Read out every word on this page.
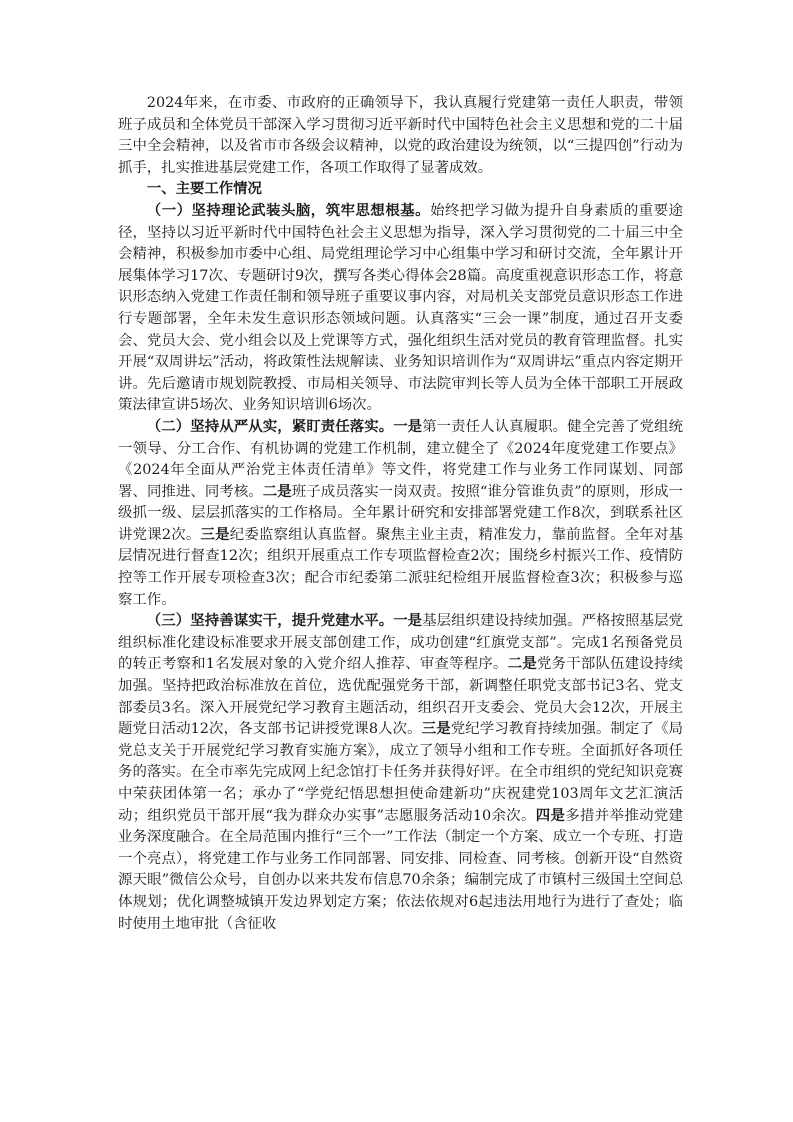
2024年来，在市委、市政府的正确领导下，我认真履行党建第一责任人职责，带领班子成员和全体党员干部深入学习贯彻习近平新时代中国特色社会主义思想和党的二十届三中全会精神，以及省市市各级会议精神，以党的政治建设为统领，以“三提四创”行动为抓手，扎实推进基层党建工作，各项工作取得了显著成效。

一、主要工作情况

（一）坚持理论武装头脑，筑牢思想根基。始终把学习做为提升自身素质的重要途径，坚持以习近平新时代中国特色社会主义思想为指导，深入学习贯彻党的二十届三中全会精神，积极参加市委中心组、局党组理论学习中心组集中学习和研讨交流，全年累计开展集体学习17次、专题研讨9次，撰写各类心得体会28篇。高度重视意识形态工作，将意识形态纳入党建工作责任制和领导班子重要议事内容，对局机关支部党员意识形态工作进行专题部署，全年未发生意识形态领域问题。认真落实“三会一课”制度，通过召开支委会、党员大会、党小组会以及上党课等方式，强化组织生活对党员的教育管理监督。扎实开展“双周讲坛”活动，将政策性法规解读、业务知识培训作为“双周讲坛”重点内容定期开讲。先后邀请市规划院教授、市局相关领导、市法院审判长等人员为全体干部职工开展政策法律宣讲5场次、业务知识培训6场次。

（二）坚持从严从实，紧盯责任落实。一是第一责任人认真履职。健全完善了党组统一领导、分工合作、有机协调的党建工作机制，建立健全了《2024年度党建工作要点》《2024年全面从严治党主体责任清单》等文件，将党建工作与业务工作同谋划、同部署、同推进、同考核。二是班子成员落实一岗双责。按照“谁分管谁负责”的原则，形成一级抓一级、层层抓落实的工作格局。全年累计研究和安排部署党建工作8次，到联系社区讲党课2次。三是纪委监察组认真监督。聚焦主业主责，精准发力，靠前监督。全年对基层情况进行督查12次；组织开展重点工作专项监督检查2次；围绕乡村振兴工作、疫情防控等工作开展专项检查3次；配合市纪委第二派驻纪检组开展监督检查3次；积极参与巡察工作。

（三）坚持善谋实干，提升党建水平。一是基层组织建设持续加强。严格按照基层党组织标准化建设标准要求开展支部创建工作，成功创建“红旗党支部”。完成1名预备党员的转正考察和1名发展对象的入党介绍人推荐、审查等程序。二是党务干部队伍建设持续加强。坚持把政治标准放在首位，选优配强党务干部，新调整任职党支部书记3名、党支部委员3名。深入开展党纪学习教育主题活动，组织召开支委会、党员大会12次，开展主题党日活动12次，各支部书记讲授党课8人次。三是党纪学习教育持续加强。制定了《局党总支关于开展党纪学习教育实施方案》，成立了领导小组和工作专班。全面抓好各项任务的落实。在全市率先完成网上纪念馆打卡任务并获得好评。在全市组织的党纪知识竞赛中荣获团体第一名；承办了“学党纪悟思想担使命建新功”庆祝建党103周年文艺汇演活动；组织党员干部开展“我为群众办实事”志愿服务活动10余次。四是多措并举推动党建业务深度融合。在全局范围内推行“三个一”工作法（制定一个方案、成立一个专班、打造一个亮点），将党建工作与业务工作同部署、同安排、同检查、同考核。创新开设“自然资源天眼”微信公众号，自创办以来共发布信息70余条；编制完成了市镇村三级国土空间总体规划；优化调整城镇开发边界划定方案；依法依规对6起违法用地行为进行了查处；临时使用土地审批（含征收
